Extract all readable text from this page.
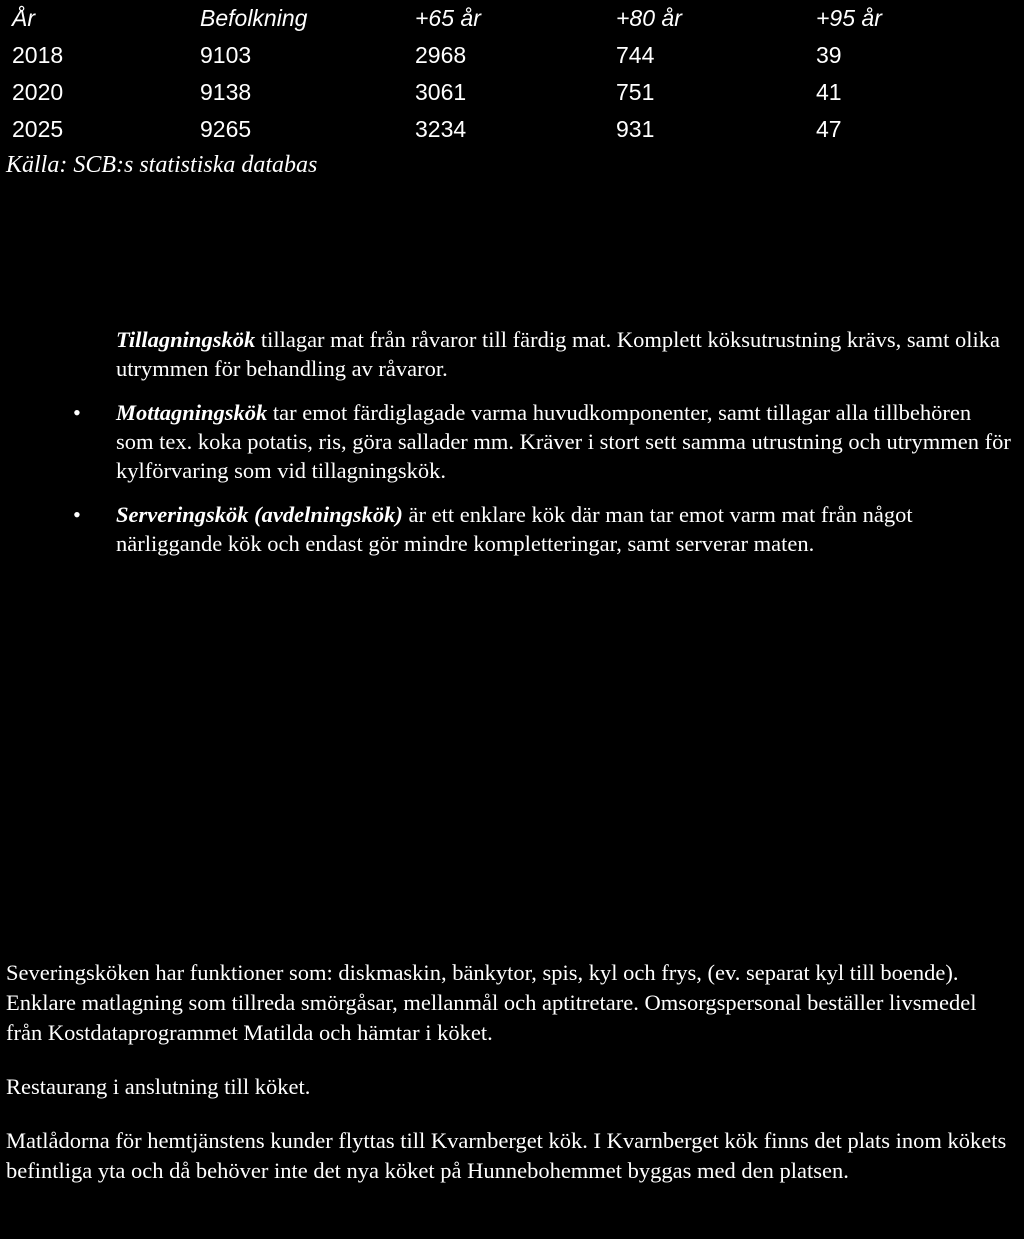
År	Befolkning	+65 år	+80 år	+95 år
2018	9103	2968	744	39
2020	9138	3061	751	41
2025	9265	3234	931	47
Källa: SCB:s statistiska databas
Tillagningskök tillagar mat från råvaror till färdig mat. Komplett köksutrustning krävs, samt olika utrymmen för behandling av råvaror.
• Mottagningskök tar emot färdiglagade varma huvudkomponenter, samt tillagar alla tillbehören som tex. koka potatis, ris, göra sallader mm. Kräver i stort sett samma utrustning och utrymmen för kylförvaring som vid tillagningskök.
• Serveringskök (avdelningskök) är ett enklare kök där man tar emot varm mat från något närliggande kök och endast gör mindre kompletteringar, samt serverar maten.

Severingsköken har funktioner som: diskmaskin, bänkytor, spis, kyl och frys, (ev. separat kyl till boende). Enklare matlagning som tillreda smörgåsar, mellanmål och aptitretare. Omsorgspersonal beställer livsmedel från Kostdataprogrammet Matilda och hämtar i köket.

Restaurang i anslutning till köket.

Matlådorna för hemtjänstens kunder flyttas till Kvarnberget kök. I Kvarnberget kök finns det plats inom kökets befintliga yta och då behöver inte det nya köket på Hunnebohemmet byggas med den platsen.
